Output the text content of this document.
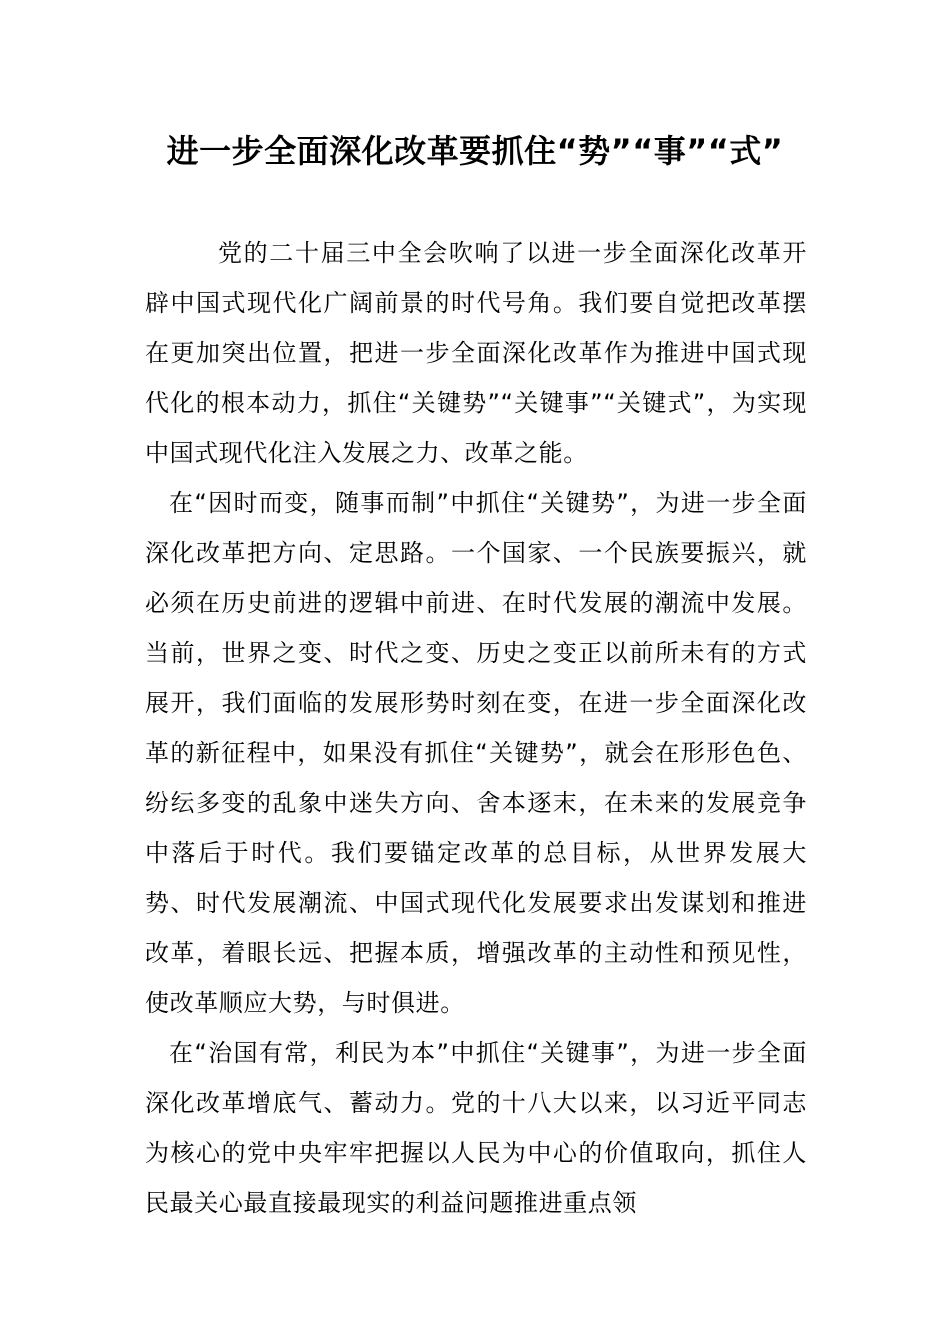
进一步全面深化改革要抓住“势”“事”“式”

党的二十届三中全会吹响了以进一步全面深化改革开辟中国式现代化广阔前景的时代号角。我们要自觉把改革摆在更加突出位置，把进一步全面深化改革作为推进中国式现代化的根本动力，抓住“关键势”“关键事”“关键式”，为实现中国式现代化注入发展之力、改革之能。

在“因时而变，随事而制”中抓住“关键势”，为进一步全面深化改革把方向、定思路。一个国家、一个民族要振兴，就必须在历史前进的逻辑中前进、在时代发展的潮流中发展。当前，世界之变、时代之变、历史之变正以前所未有的方式展开，我们面临的发展形势时刻在变，在进一步全面深化改革的新征程中，如果没有抓住“关键势”，就会在形形色色、纷纭多变的乱象中迷失方向、舍本逐末，在未来的发展竞争中落后于时代。我们要锚定改革的总目标，从世界发展大势、时代发展潮流、中国式现代化发展要求出发谋划和推进改革，着眼长远、把握本质，增强改革的主动性和预见性，使改革顺应大势，与时俱进。

在“治国有常，利民为本”中抓住“关键事”，为进一步全面深化改革增底气、蓄动力。党的十八大以来，以习近平同志为核心的党中央牢牢把握以人民为中心的价值取向，抓住人民最关心最直接最现实的利益问题推进重点领
